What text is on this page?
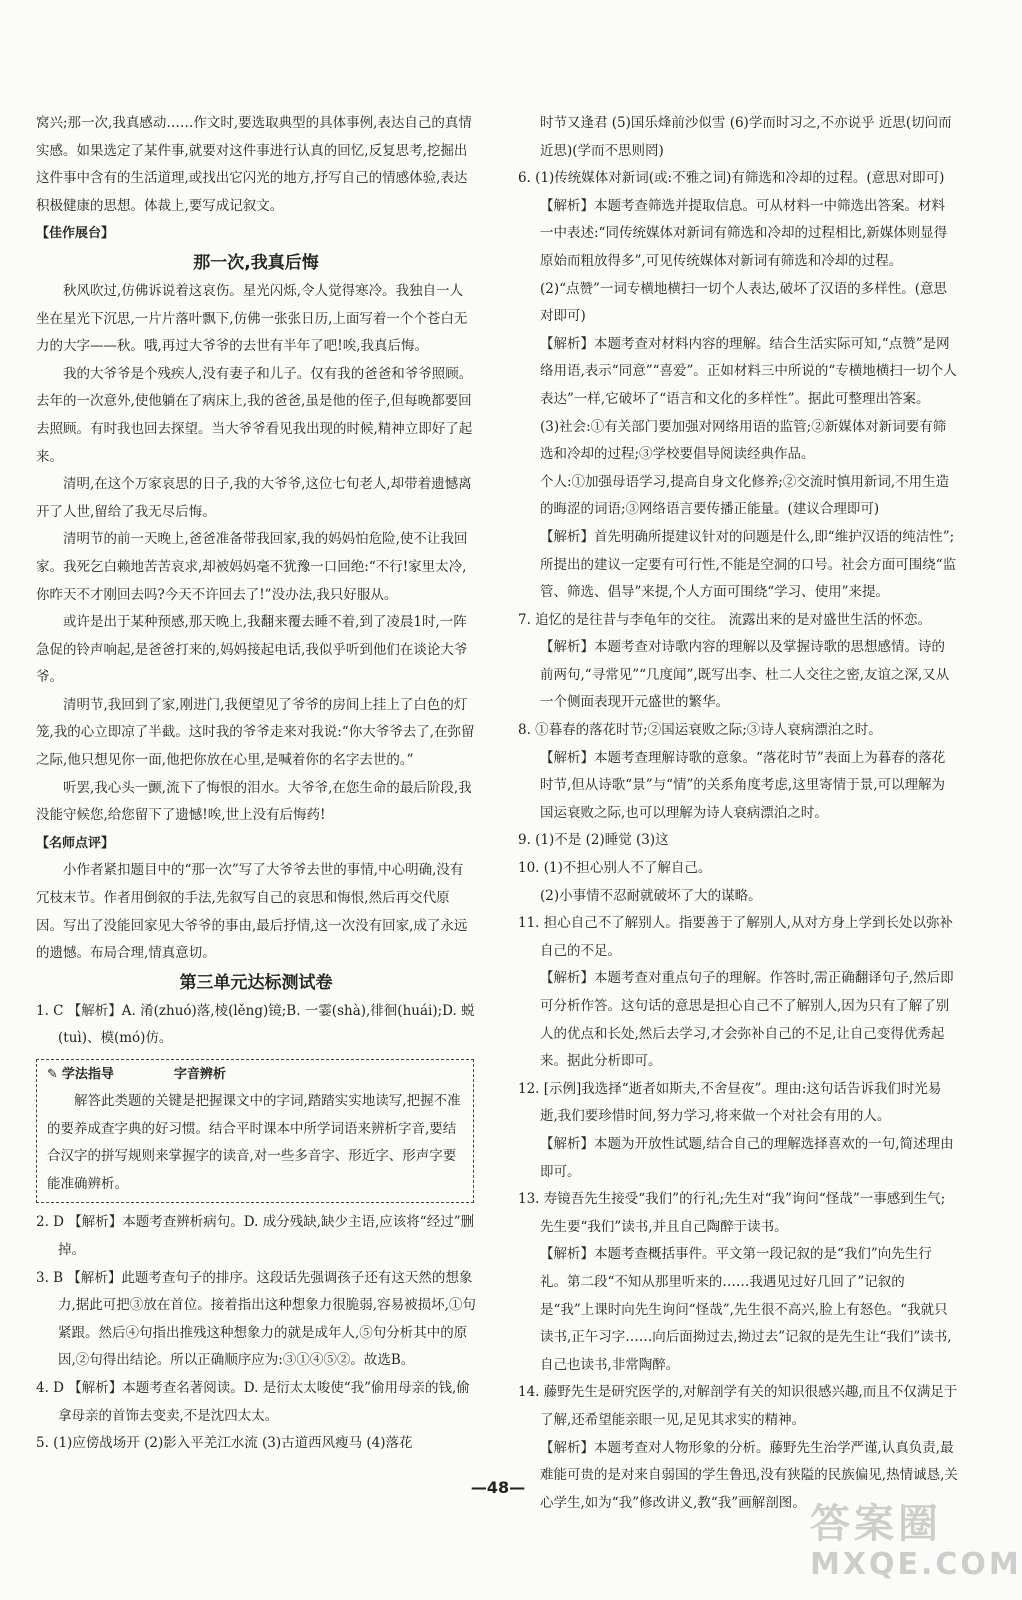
窝兴;那一次,我真感动……作文时,要选取典型的具体事例,表达自己的真情实感。如果选定了某件事,就要对这件事进行认真的回忆,反复思考,挖掘出这件事中含有的生活道理,或找出它闪光的地方,抒写自己的情感体验,表达积极健康的思想。体裁上,要写成记叙文。

【佳作展台】

那一次,我真后悔

秋风吹过,仿佛诉说着这哀伤。星光闪烁,令人觉得寒冷。我独自一人坐在星光下沉思,一片片落叶飘下,仿佛一张张日历,上面写着一个个苍白无力的大字——秋。哦,再过大爷爷的去世有半年了吧!唉,我真后悔。

我的大爷爷是个残疾人,没有妻子和儿子。仅有我的爸爸和爷爷照顾。去年的一次意外,使他躺在了病床上,我的爸爸,虽是他的侄子,但每晚都要回去照顾。有时我也回去探望。当大爷爷看见我出现的时候,精神立即好了起来。

清明,在这个万家哀思的日子,我的大爷爷,这位七旬老人,却带着遗憾离开了人世,留给了我无尽后悔。

清明节的前一天晚上,爸爸准备带我回家,我的妈妈怕危险,使不让我回家。我死乞白赖地苦苦哀求,却被妈妈毫不犹豫一口回绝:“不行!家里太冷,你昨天不才刚回去吗?今天不许回去了!”没办法,我只好服从。

或许是出于某种预感,那天晚上,我翻来覆去睡不着,到了凌晨1时,一阵急促的铃声响起,是爸爸打来的,妈妈接起电话,我似乎听到他们在谈论大爷爷。

清明节,我回到了家,刚进门,我便望见了爷爷的房间上挂上了白色的灯笼,我的心立即凉了半截。这时我的爷爷走来对我说:“你大爷爷去了,在弥留之际,他只想见你一面,他把你放在心里,是喊着你的名字去世的。”

听罢,我心头一颤,流下了悔恨的泪水。大爷爷,在您生命的最后阶段,我没能守候您,给您留下了遗憾!唉,世上没有后悔药!

【名师点评】

小作者紧扣题目中的“那一次”写了大爷爷去世的事情,中心明确,没有冗枝末节。作者用倒叙的手法,先叙写自己的哀思和悔恨,然后再交代原因。写出了没能回家见大爷爷的事由,最后抒情,这一次没有回家,成了永远的遗憾。布局合理,情真意切。

第三单元达标测试卷

1. C 【解析】A. 淆(zhuó)落,棱(lěng)镜;B. 一霎(shà),徘徊(huái);D. 蜕(tuì)、模(mó)仿。

✎ 学法指导	字音辨析

解答此类题的关键是把握课文中的字词,踏踏实实地读写,把握不准的要养成查字典的好习惯。结合平时课本中所学词语来辨析字音,要结合汉字的拼写规则来掌握字的读音,对一些多音字、形近字、形声字要能准确辨析。

2. D 【解析】本题考查辨析病句。D. 成分残缺,缺少主语,应该将“经过”删掉。

3. B 【解析】此题考查句子的排序。这段话先强调孩子还有这天然的想象力,据此可把③放在首位。接着指出这种想象力很脆弱,容易被损坏,①句紧跟。然后④句指出推残这种想象力的就是成年人,⑤句分析其中的原因,②句得出结论。所以正确顺序应为:③①④⑤②。故选B。

4. D 【解析】本题考查名著阅读。D. 是衍太太唆使“我”偷用母亲的钱,偷拿母亲的首饰去变卖,不是沈四太太。

5. (1)应傍战场开 (2)影入平羌江水流 (3)古道西风瘦马 (4)落花

时节又逢君 (5)国乐烽前沙似雪 (6)学而时习之,不亦说乎 近思(切问而近思)(学而不思则罔)

6. (1)传统媒体对新词(或:不雅之词)有筛选和冷却的过程。(意思对即可)

【解析】本题考查筛选并提取信息。可从材料一中筛选出答案。材料一中表述:“同传统媒体对新词有筛选和冷却的过程相比,新媒体则显得原始而粗放得多”,可见传统媒体对新词有筛选和冷却的过程。

(2)“点赞”一词专横地横扫一切个人表达,破坏了汉语的多样性。(意思对即可)

【解析】本题考查对材料内容的理解。结合生活实际可知,“点赞”是网络用语,表示“同意”“喜爱”。正如材料三中所说的“专横地横扫一切个人表达”一样,它破坏了“语言和文化的多样性”。据此可整理出答案。

(3)社会:①有关部门要加强对网络用语的监管;②新媒体对新词要有筛选和冷却的过程;③学校要倡导阅读经典作品。

个人:①加强母语学习,提高自身文化修养;②交流时慎用新词,不用生造的晦涩的词语;③网络语言要传播正能量。(建议合理即可)

【解析】首先明确所提建议针对的问题是什么,即“维护汉语的纯洁性”;所提出的建议一定要有可行性,不能是空洞的口号。社会方面可围绕“监管、筛选、倡导”来提,个人方面可围绕“学习、使用”来提。

7. 追忆的是往昔与李龟年的交往。 流露出来的是对盛世生活的怀恋。

【解析】本题考查对诗歌内容的理解以及掌握诗歌的思想感情。诗的前两句,“寻常见”“几度闻”,既写出李、杜二人交往之密,友谊之深,又从一个侧面表现开元盛世的繁华。

8. ①暮春的落花时节;②国运衰败之际;③诗人衰病漂泊之时。

【解析】本题考查理解诗歌的意象。“落花时节”表面上为暮春的落花时节,但从诗歌“景”与“情”的关系角度考虑,这里寄情于景,可以理解为国运衰败之际,也可以理解为诗人衰病漂泊之时。

9. (1)不是 (2)睡觉 (3)这

10. (1)不担心别人不了解自己。

(2)小事情不忍耐就破坏了大的谋略。

11. 担心自己不了解别人。指要善于了解别人,从对方身上学到长处以弥补自己的不足。

【解析】本题考查对重点句子的理解。作答时,需正确翻译句子,然后即可分析作答。这句话的意思是担心自己不了解别人,因为只有了解了别人的优点和长处,然后去学习,才会弥补自己的不足,让自己变得优秀起来。据此分析即可。

12. [示例]我选择“逝者如斯夫,不舍昼夜”。理由:这句话告诉我们时光易逝,我们要珍惜时间,努力学习,将来做一个对社会有用的人。

【解析】本题为开放性试题,结合自己的理解选择喜欢的一句,简述理由即可。

13. 寿镜吾先生接受“我们”的行礼;先生对“我”询问“怪哉”一事感到生气;先生要“我们”读书,并且自己陶醉于读书。

【解析】本题考查概括事件。平文第一段记叙的是“我们”向先生行礼。第二段“不知从那里听来的……我遇见过好几回了”记叙的是“我”上课时向先生询问“怪哉”,先生很不高兴,脸上有怒色。“我就只读书,正午习字……向后面拗过去,拗过去”记叙的是先生让“我们”读书,自己也读书,非常陶醉。

14. 藤野先生是研究医学的,对解剖学有关的知识很感兴趣,而且不仅满足于了解,还希望能亲眼一见,足见其求实的精神。

【解析】本题考查对人物形象的分析。藤野先生治学严谨,认真负责,最难能可贵的是对来自弱国的学生鲁迅,没有狭隘的民族偏见,热情诚恳,关心学生,如为“我”修改讲义,教“我”画解剖图。

—48—
答案圈
MXQE.COM
